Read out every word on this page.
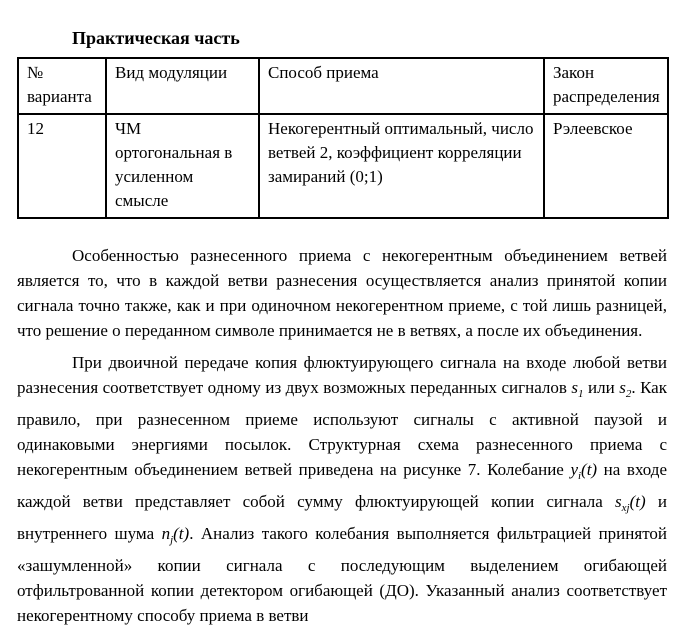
Практическая часть
№ варианта	Вид модуляции	Способ приема	Закон распределения
12	ЧМ ортогональная в усиленном смысле	Некогерентный оптимальный, число ветвей 2, коэффициент корреляции замираний (0;1)	Рэлеевское

Особенностью разнесенного приема с некогерентным объединением ветвей является то, что в каждой ветви разнесения осуществляется анализ принятой копии сигнала точно также, как и при одиночном некогерентном приеме, с той лишь разницей, что решение о переданном символе принимается не в ветвях, а после их объединения.

При двоичной передаче копия флюктуирующего сигнала на входе любой ветви разнесения соответствует одному из двух возможных переданных сигналов $s_1$ или $s_2$. Как правило, при разнесенном приеме используют сигналы с активной паузой и одинаковыми энергиями посылок. Структурная схема разнесенного приема с некогерентным объединением ветвей приведена на рисунке 7. Колебание $y_i(t)$ на входе каждой ветви представляет собой сумму флюктуирующей копии сигнала $s_{xj}(t)$ и внутреннего шума $n_j(t)$. Анализ такого колебания выполняется фильтрацией принятой «зашумленной» копии сигнала с последующим выделением огибающей отфильтрованной копии детектором огибающей (ДО). Указанный анализ соответствует некогерентному способу приема в ветви
